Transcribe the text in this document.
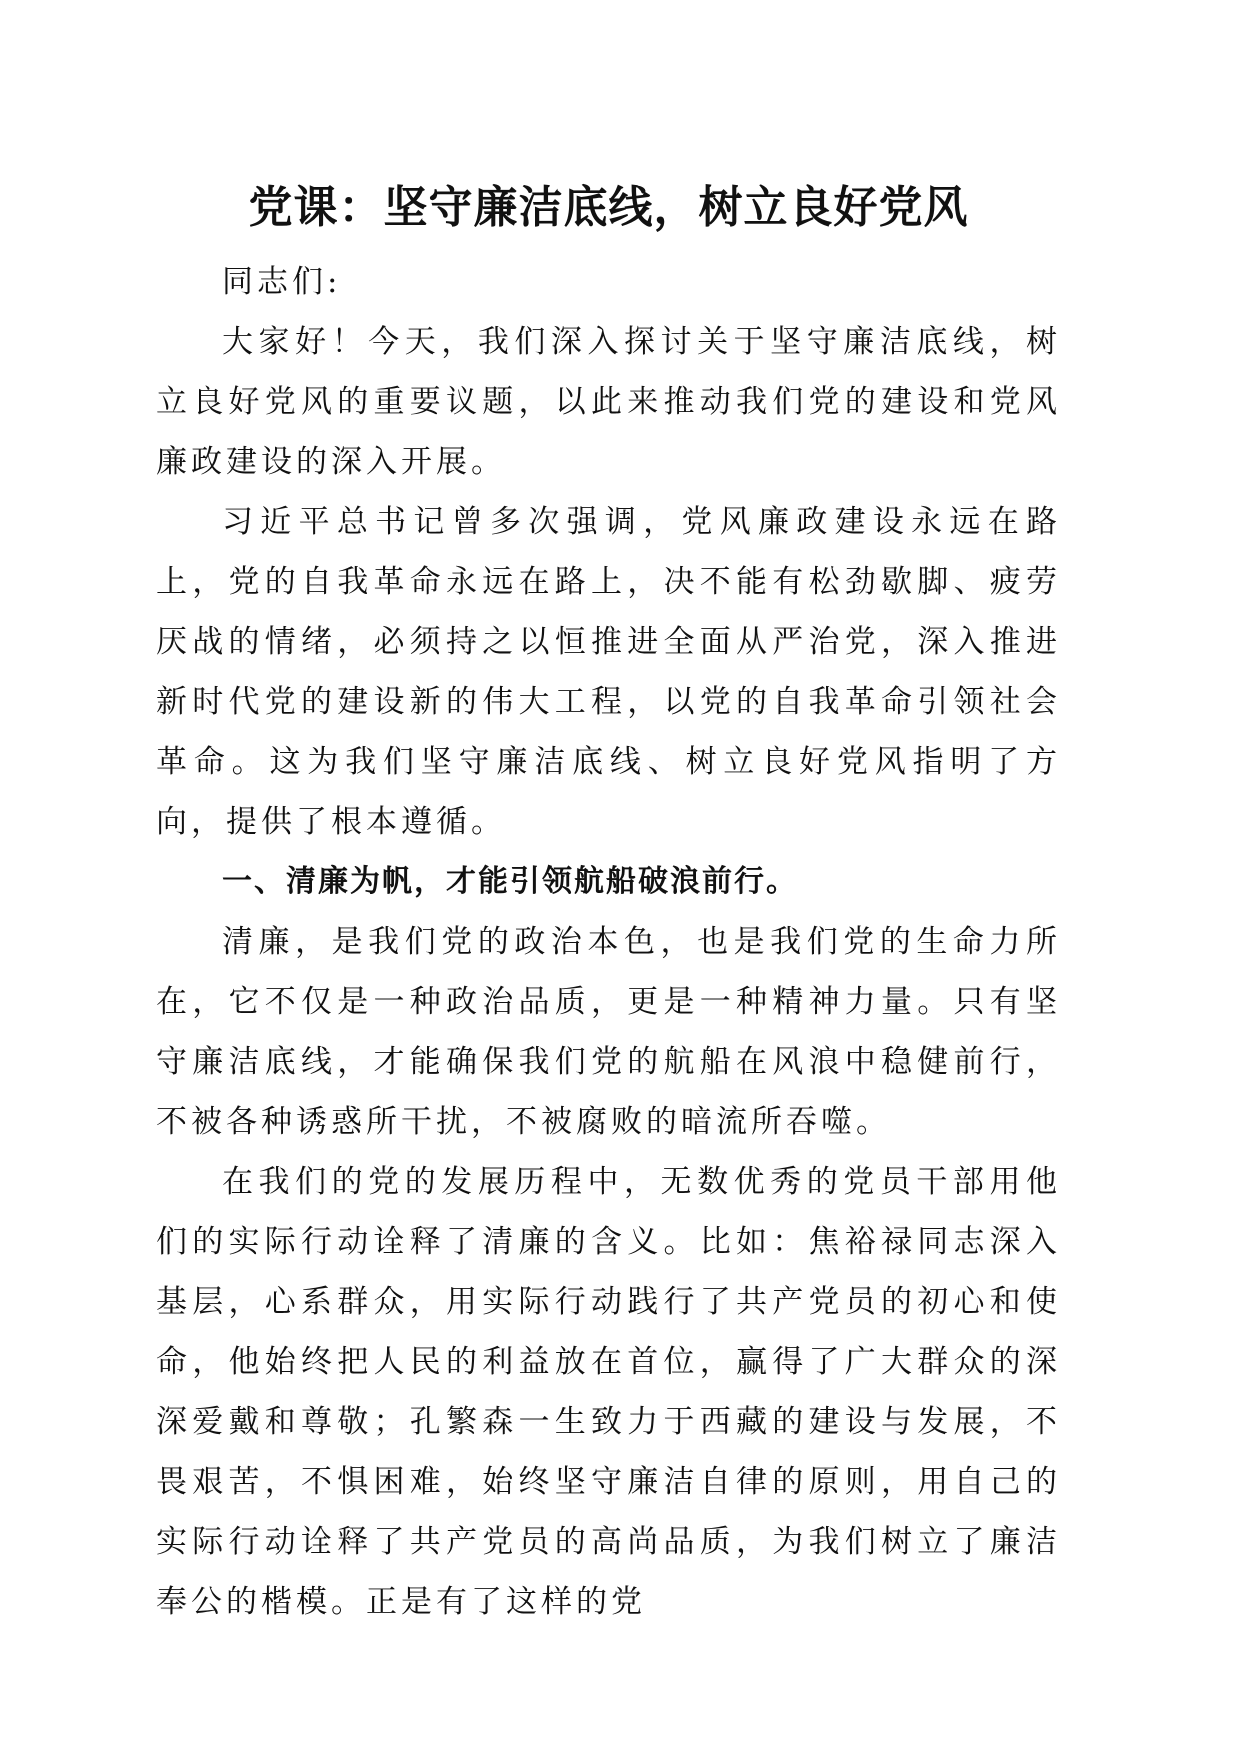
党课：坚守廉洁底线，树立良好党风

同志们:

大家好！今天，我们深入探讨关于坚守廉洁底线，树立良好党风的重要议题，以此来推动我们党的建设和党风廉政建设的深入开展。

习近平总书记曾多次强调，党风廉政建设永远在路上，党的自我革命永远在路上，决不能有松劲歇脚、疲劳厌战的情绪，必须持之以恒推进全面从严治党，深入推进新时代党的建设新的伟大工程，以党的自我革命引领社会革命。这为我们坚守廉洁底线、树立良好党风指明了方向，提供了根本遵循。

一、清廉为帆，才能引领航船破浪前行。

清廉，是我们党的政治本色，也是我们党的生命力所在，它不仅是一种政治品质，更是一种精神力量。只有坚守廉洁底线，才能确保我们党的航船在风浪中稳健前行，不被各种诱惑所干扰，不被腐败的暗流所吞噬。

在我们的党的发展历程中，无数优秀的党员干部用他们的实际行动诠释了清廉的含义。比如：焦裕禄同志深入基层，心系群众，用实际行动践行了共产党员的初心和使命，他始终把人民的利益放在首位，赢得了广大群众的深深爱戴和尊敬；孔繁森一生致力于西藏的建设与发展，不畏艰苦，不惧困难，始终坚守廉洁自律的原则，用自己的实际行动诠释了共产党员的高尚品质，为我们树立了廉洁奉公的楷模。正是有了这样的党
